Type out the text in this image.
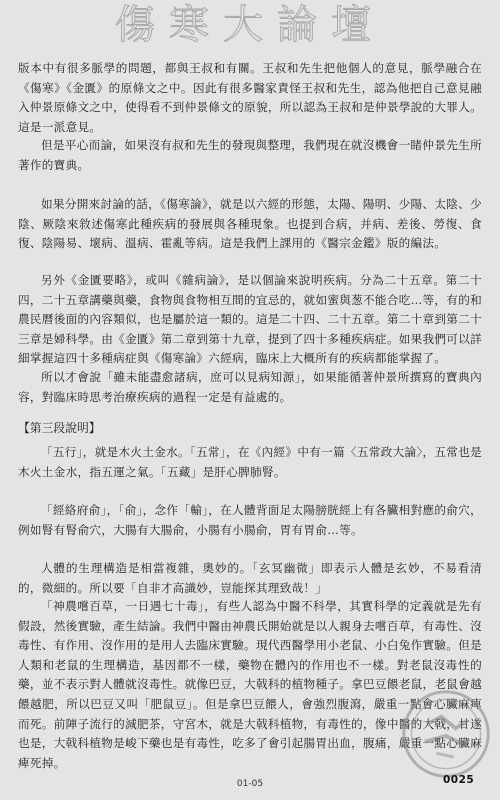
傷寒大論壇
版本中有很多脈學的問題，都與王叔和有關。王叔和先生把他個人的意見，脈學融合在《傷寒》《金匱》的原條文之中。因此有很多醫家責怪王叔和先生，認為他把自己意見融入仲景原條文之中，使得看不到仲景條文的原貌，所以認為王叔和是仲景學說的大罪人。這是一派意見。
但是平心而論，如果沒有叔和先生的發現與整理，我們現在就沒機會一睹仲景先生所著作的寶典。
如果分開來討論的話，《傷寒論》，就是以六經的形態，太陽、陽明、少陽、太陰、少陰、厥陰來敘述傷寒此種疾病的發展與各種現象。也提到合病，并病、差後、勞復、食復、陰陽易、壞病、溫病、霍亂等病。這是我們上課用的《醫宗金鑑》版的編法。
另外《金匱要略》，或叫《雜病論》，是以個論來說明疾病。分為二十五章。第二十四，二十五章講藥與藥，食物與食物相互間的宜忌的，就如蜜與葱不能合吃…等，有的和農民曆後面的內容類似，也是屬於這一類的。這是二十四、二十五章。第二十章到第二十三章是婦科學。由《金匱》第二章到第十九章，提到了四十多種疾病症。如果我們可以詳細掌握這四十多種病症與《傷寒論》六經病，臨床上大概所有的疾病都能掌握了。
所以才會說「雖未能盡愈諸病，庶可以見病知源」，如果能循著仲景所撰寫的寶典內容，對臨床時思考治療疾病的過程一定是有益處的。
【第三段說明】
「五行」，就是木火土金水。「五常」，在《內經》中有一篇〈五常政大論〉，五常也是木火土金水，指五運之氣。「五藏」是肝心脾肺腎。
「經絡府俞」，「俞」，念作「輸」，在人體背面足太陽膀胱經上有各臟相對應的俞穴，例如腎有腎俞穴，大腸有大腸俞，小腸有小腸俞，胃有胃俞…等。
人體的生理構造是相當複雜，奧妙的。「玄冥幽微」即表示人體是玄妙，不易看清的，微細的。所以要「自非才高識妙，豈能探其理致哉！」
「神農嚐百草，一日遇七十毒」，有些人認為中醫不科學，其實科學的定義就是先有假設，然後實驗，產生結論。我們中醫由神農氏開始就是以人親身去嚐百草，有毒性、沒毒性、有作用、沒作用的是用人去臨床實驗。現代西醫學用小老鼠、小白兔作實驗。但是人類和老鼠的生理構造，基因都不一樣，藥物在體內的作用也不一樣。對老鼠沒毒性的藥，並不表示對人體就沒毒性。就像巴豆，大戟科的植物種子。拿巴豆餵老鼠，老鼠會越餵越肥，所以巴豆又叫「肥鼠豆」。但是拿巴豆餵人，會強烈腹瀉，嚴重一點會心臟麻痺而死。前陣子流行的減肥茶，守宮木，就是大戟科植物，有毒性的，像中醫的大戟，甘遂也是，大戟科植物是峻下藥也是有毒性，吃多了會引起腸胃出血，腹痛，嚴重一點心臟麻痺死掉。
01-05	0025
